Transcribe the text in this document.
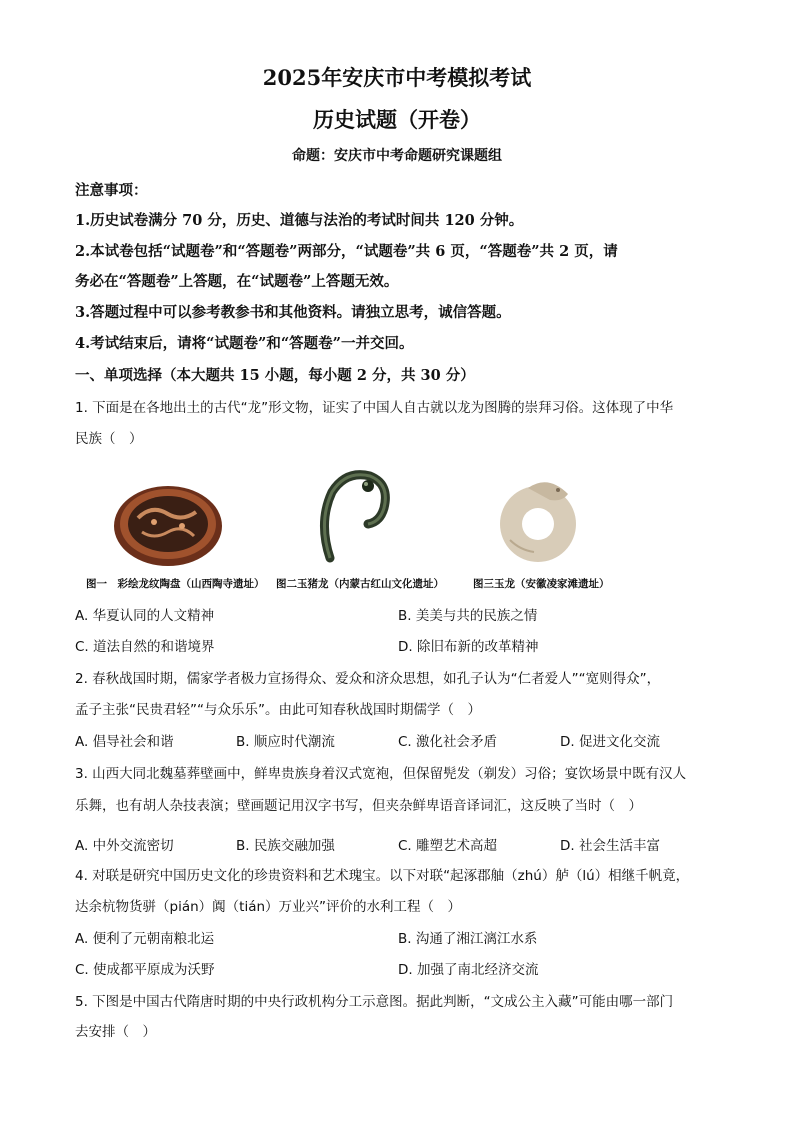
2025年安庆市中考模拟考试
历史试题（开卷）
命题：安庆市中考命题研究课题组
注意事项：
1.历史试卷满分 70 分，历史、道德与法治的考试时间共 120 分钟。
2.本试卷包括“试题卷”和“答题卷”两部分，“试题卷”共 6 页，“答题卷”共 2 页，请
务必在“答题卷”上答题，在“试题卷”上答题无效。
3.答题过程中可以参考教参书和其他资料。请独立思考，诚信答题。
4.考试结束后，请将“试题卷”和“答题卷”一并交回。
一、单项选择（本大题共 15 小题，每小题 2 分，共 30 分）
1. 下面是在各地出土的古代“龙”形文物，证实了中国人自古就以龙为图腾的崇拜习俗。这体现了中华
民族（　）
图一　彩绘龙纹陶盘（山西陶寺遗址） 图二玉猪龙（内蒙古红山文化遗址）	图三玉龙（安徽凌家滩遗址）
A. 华夏认同的人文精神	B. 美美与共的民族之情
C. 道法自然的和谐境界	D. 除旧布新的改革精神
2. 春秋战国时期，儒家学者极力宣扬得众、爱众和济众思想，如孔子认为“仁者爱人”“宽则得众”，
孟子主张“民贵君轻”“与众乐乐”。由此可知春秋战国时期儒学（　）
A. 倡导社会和谐	B. 顺应时代潮流	C. 激化社会矛盾	D. 促进文化交流
3. 山西大同北魏墓葬壁画中，鲜卑贵族身着汉式宽袍，但保留髡发（剃发）习俗；宴饮场景中既有汉人
乐舞，也有胡人杂技表演；壁画题记用汉字书写，但夹杂鲜卑语音译词汇，这反映了当时（　）
A. 中外交流密切	B. 民族交融加强	C. 雕塑艺术高超	D. 社会生活丰富
4. 对联是研究中国历史文化的珍贵资料和艺术瑰宝。以下对联“起涿郡舳（zhú）舻（lú）相继千帆竟，
达余杭物货骈（pián）阗（tián）万业兴”评价的水利工程（　）
A. 便利了元朝南粮北运	B. 沟通了湘江漓江水系
C. 使成都平原成为沃野	D. 加强了南北经济交流
5. 下图是中国古代隋唐时期的中央行政机构分工示意图。据此判断，“文成公主入藏”可能由哪一部门
去安排（　）
